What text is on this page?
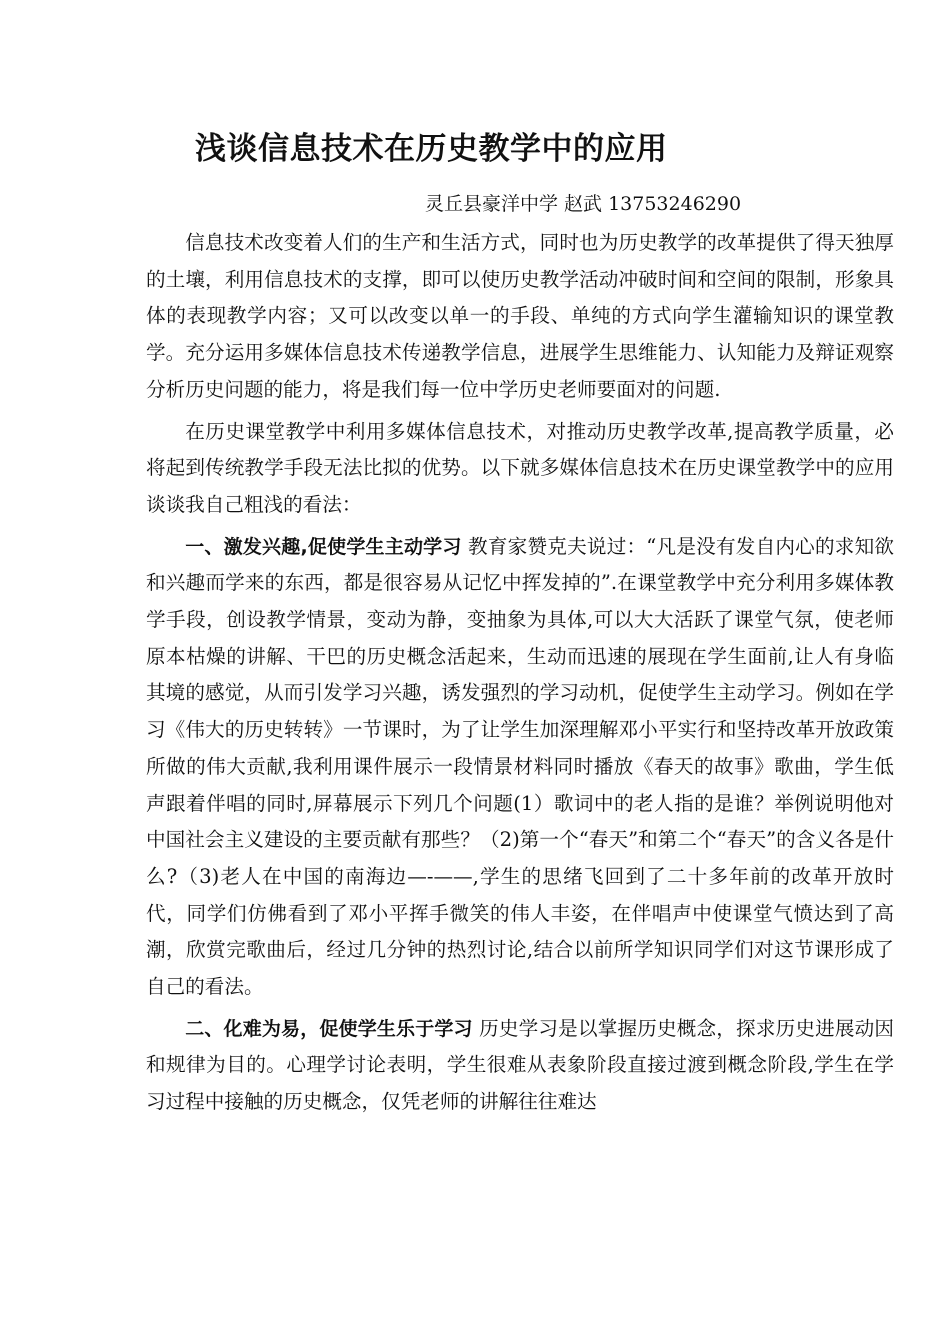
浅谈信息技术在历史教学中的应用
灵丘县豪洋中学 赵武 13753246290

信息技术改变着人们的生产和生活方式，同时也为历史教学的改革提供了得天独厚的土壤，利用信息技术的支撑，即可以使历史教学活动冲破时间和空间的限制，形象具体的表现教学内容；又可以改变以单一的手段、单纯的方式向学生灌输知识的课堂教学。充分运用多媒体信息技术传递教学信息，进展学生思维能力、认知能力及辩证观察分析历史问题的能力，将是我们每一位中学历史老师要面对的问题.

在历史课堂教学中利用多媒体信息技术，对推动历史教学改革,提高教学质量，必将起到传统教学手段无法比拟的优势。以下就多媒体信息技术在历史课堂教学中的应用谈谈我自己粗浅的看法：

一、激发兴趣,促使学生主动学习 教育家赞克夫说过：“凡是没有发自内心的求知欲和兴趣而学来的东西，都是很容易从记忆中挥发掉的”.在课堂教学中充分利用多媒体教学手段，创设教学情景，变动为静，变抽象为具体,可以大大活跃了课堂气氛，使老师原本枯燥的讲解、干巴的历史概念活起来，生动而迅速的展现在学生面前,让人有身临其境的感觉，从而引发学习兴趣，诱发强烈的学习动机，促使学生主动学习。例如在学习《伟大的历史转转》一节课时，为了让学生加深理解邓小平实行和坚持改革开放政策所做的伟大贡献,我利用课件展示一段情景材料同时播放《春天的故事》歌曲，学生低声跟着伴唱的同时,屏幕展示下列几个问题(1）歌词中的老人指的是谁？举例说明他对中国社会主义建设的主要贡献有那些？（2)第一个“春天”和第二个“春天”的含义各是什么?（3)老人在中国的南海边—-——,学生的思绪飞回到了二十多年前的改革开放时代，同学们仿佛看到了邓小平挥手微笑的伟人丰姿，在伴唱声中使课堂气愤达到了高潮，欣赏完歌曲后，经过几分钟的热烈讨论,结合以前所学知识同学们对这节课形成了自己的看法。

二、化难为易，促使学生乐于学习 历史学习是以掌握历史概念，探求历史进展动因和规律为目的。心理学讨论表明，学生很难从表象阶段直接过渡到概念阶段,学生在学习过程中接触的历史概念，仅凭老师的讲解往往难达
